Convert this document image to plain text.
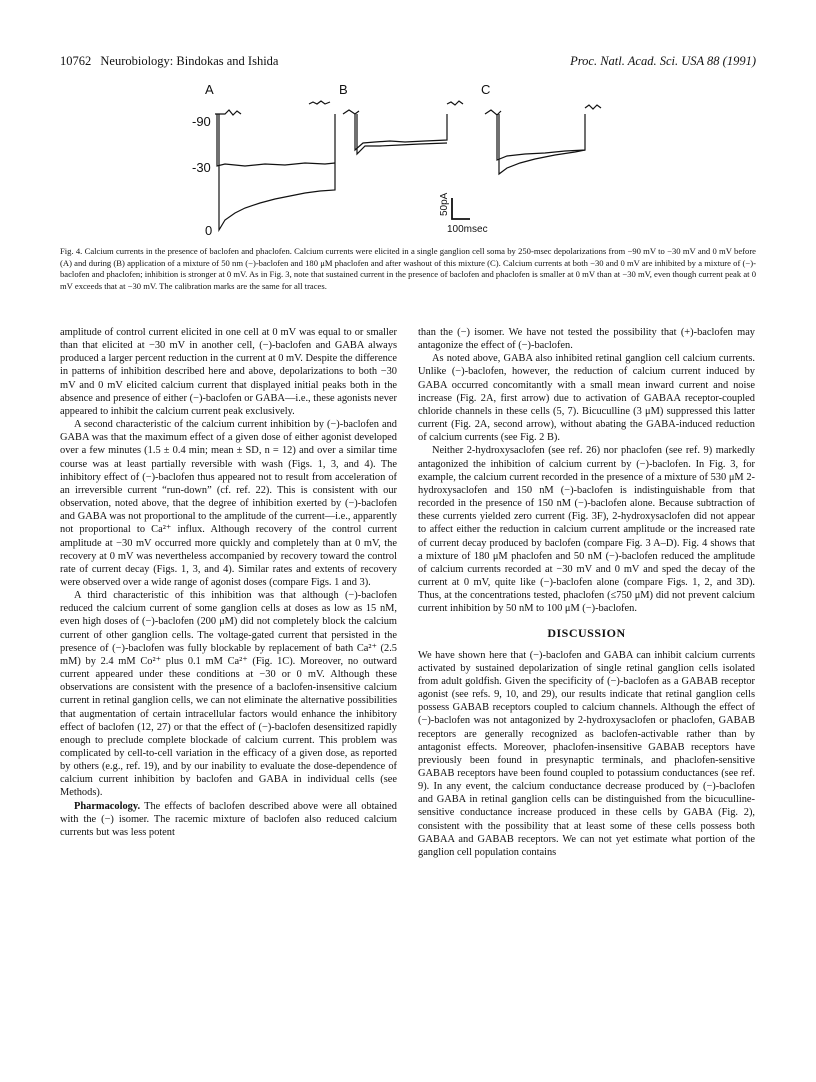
10762 Neurobiology: Bindokas and Ishida	Proc. Natl. Acad. Sci. USA 88 (1991)
A	B	C
-90
-30
0
50pA
100msec
Fig. 4. Calcium currents in the presence of baclofen and phaclofen. Calcium currents were elicited in a single ganglion cell soma by 250-msec depolarizations from −90 mV to −30 mV and 0 mV before (A) and during (B) application of a mixture of 50 nm (−)-baclofen and 180 μM phaclofen and after washout of this mixture (C). Calcium currents at both −30 and 0 mV are inhibited by a mixture of (−)-baclofen and phaclofen; inhibition is stronger at 0 mV. As in Fig. 3, note that sustained current in the presence of baclofen and phaclofen is smaller at 0 mV than at −30 mV, even though current peak at 0 mV exceeds that at −30 mV. The calibration marks are the same for all traces.

amplitude of control current elicited in one cell at 0 mV was equal to or smaller than that elicited at −30 mV in another cell, (−)-baclofen and GABA always produced a larger percent reduction in the current at 0 mV. Despite the difference in patterns of inhibition described here and above, depolarizations to both −30 mV and 0 mV elicited calcium current that displayed initial peaks both in the absence and presence of either (−)-baclofen or GABA—i.e., these agonists never appeared to inhibit the calcium current peak exclusively.

A second characteristic of the calcium current inhibition by (−)-baclofen and GABA was that the maximum effect of a given dose of either agonist developed over a few minutes (1.5 ± 0.4 min; mean ± SD, n = 12) and over a similar time course was at least partially reversible with wash (Figs. 1, 3, and 4). The inhibitory effect of (−)-baclofen thus appeared not to result from acceleration of an irreversible current “run-down” (cf. ref. 22). This is consistent with our observation, noted above, that the degree of inhibition exerted by (−)-baclofen and GABA was not proportional to the amplitude of the current—i.e., apparently not proportional to Ca²⁺ influx. Although recovery of the control current amplitude at −30 mV occurred more quickly and completely than at 0 mV, the recovery at 0 mV was nevertheless accompanied by recovery toward the control rate of current decay (Figs. 1, 3, and 4). Similar rates and extents of recovery were observed over a wide range of agonist doses (compare Figs. 1 and 3).

A third characteristic of this inhibition was that although (−)-baclofen reduced the calcium current of some ganglion cells at doses as low as 15 nM, even high doses of (−)-baclofen (200 μM) did not completely block the calcium current of other ganglion cells. The voltage-gated current that persisted in the presence of (−)-baclofen was fully blockable by replacement of bath Ca²⁺ (2.5 mM) by 2.4 mM Co²⁺ plus 0.1 mM Ca²⁺ (Fig. 1C). Moreover, no outward current appeared under these conditions at −30 or 0 mV. Although these observations are consistent with the presence of a baclofen-insensitive calcium current in retinal ganglion cells, we can not eliminate the alternative possibilities that augmentation of certain intracellular factors would enhance the inhibitory effect of baclofen (12, 27) or that the effect of (−)-baclofen desensitized rapidly enough to preclude complete blockade of calcium current. This problem was complicated by cell-to-cell variation in the efficacy of a given dose, as reported by others (e.g., ref. 19), and by our inability to evaluate the dose-dependence of calcium current inhibition by baclofen and GABA in individual cells (see Methods).

Pharmacology. The effects of baclofen described above were all obtained with the (−) isomer. The racemic mixture of baclofen also reduced calcium currents but was less potent

than the (−) isomer. We have not tested the possibility that (+)-baclofen may antagonize the effect of (−)-baclofen.

As noted above, GABA also inhibited retinal ganglion cell calcium currents. Unlike (−)-baclofen, however, the reduction of calcium current induced by GABA occurred concomitantly with a small mean inward current and noise increase (Fig. 2A, first arrow) due to activation of GABAA receptor-coupled chloride channels in these cells (5, 7). Bicuculline (3 μM) suppressed this latter current (Fig. 2A, second arrow), without abating the GABA-induced reduction of calcium currents (see Fig. 2 B).

Neither 2-hydroxysaclofen (see ref. 26) nor phaclofen (see ref. 9) markedly antagonized the inhibition of calcium current by (−)-baclofen. In Fig. 3, for example, the calcium current recorded in the presence of a mixture of 530 μM 2-hydroxysaclofen and 150 nM (−)-baclofen is indistinguishable from that recorded in the presence of 150 nM (−)-baclofen alone. Because subtraction of these currents yielded zero current (Fig. 3F), 2-hydroxysaclofen did not appear to affect either the reduction in calcium current amplitude or the increased rate of current decay produced by baclofen (compare Fig. 3 A–D). Fig. 4 shows that a mixture of 180 μM phaclofen and 50 nM (−)-baclofen reduced the amplitude of calcium currents recorded at −30 mV and 0 mV and sped the decay of the current at 0 mV, quite like (−)-baclofen alone (compare Figs. 1, 2, and 3D). Thus, at the concentrations tested, phaclofen (≤750 μM) did not prevent calcium current inhibition by 50 nM to 100 μM (−)-baclofen.

DISCUSSION

We have shown here that (−)-baclofen and GABA can inhibit calcium currents activated by sustained depolarization of single retinal ganglion cells isolated from adult goldfish. Given the specificity of (−)-baclofen as a GABAB receptor agonist (see refs. 9, 10, and 29), our results indicate that retinal ganglion cells possess GABAB receptors coupled to calcium channels. Although the effect of (−)-baclofen was not antagonized by 2-hydroxysaclofen or phaclofen, GABAB receptors are generally recognized as baclofen-activable rather than by antagonist effects. Moreover, phaclofen-insensitive GABAB receptors have previously been found in presynaptic terminals, and phaclofen-sensitive GABAB receptors have been found coupled to potassium conductances (see ref. 9). In any event, the calcium conductance decrease produced by (−)-baclofen and GABA in retinal ganglion cells can be distinguished from the bicuculline-sensitive conductance increase produced in these cells by GABA (Fig. 2), consistent with the possibility that at least some of these cells possess both GABAA and GABAB receptors. We can not yet estimate what portion of the ganglion cell population contains
